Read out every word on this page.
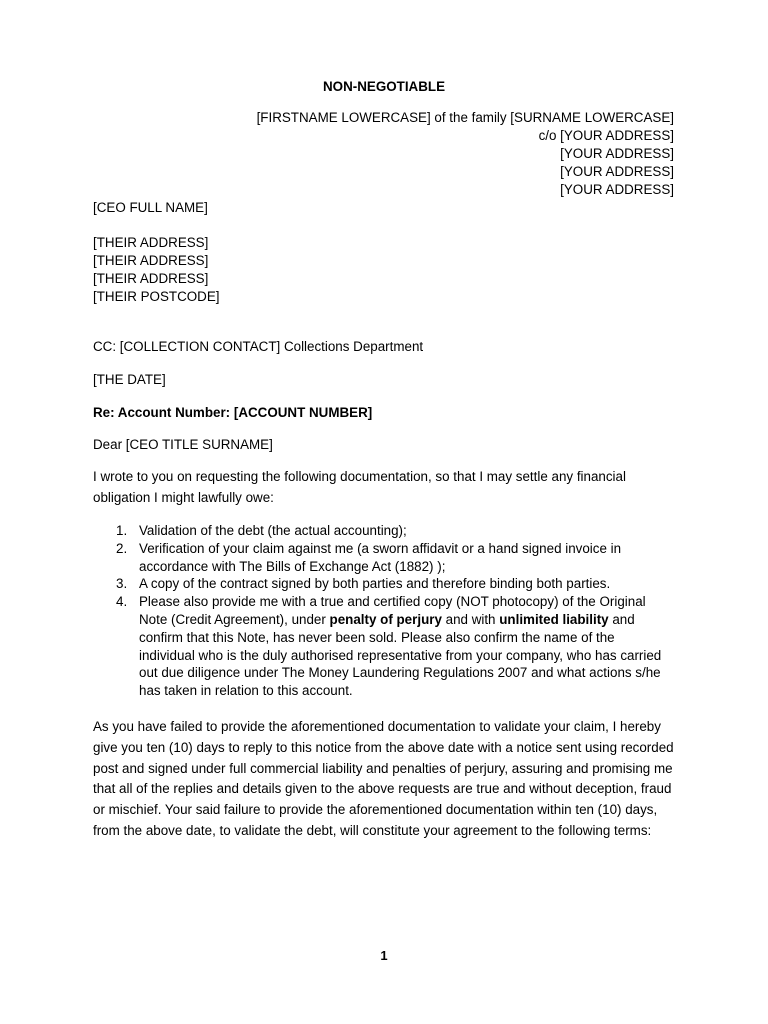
NON-NEGOTIABLE
[FIRSTNAME LOWERCASE] of the family [SURNAME LOWERCASE]
c/o [YOUR ADDRESS]
[YOUR ADDRESS]
[YOUR ADDRESS]
[YOUR ADDRESS]
[CEO FULL NAME]
[THEIR ADDRESS]
[THEIR ADDRESS]
[THEIR ADDRESS]
[THEIR POSTCODE]
CC: [COLLECTION CONTACT] Collections Department
[THE DATE]
Re: Account Number: [ACCOUNT NUMBER]
Dear [CEO TITLE SURNAME]
I wrote to you on requesting the following documentation, so that I may settle any financial obligation I might lawfully owe:
1. Validation of the debt (the actual accounting);
2. Verification of your claim against me (a sworn affidavit or a hand signed invoice in accordance with The Bills of Exchange Act (1882) );
3. A copy of the contract signed by both parties and therefore binding both parties.
4. Please also provide me with a true and certified copy (NOT photocopy) of the Original Note (Credit Agreement), under penalty of perjury and with unlimited liability and confirm that this Note, has never been sold. Please also confirm the name of the individual who is the duly authorised representative from your company, who has carried out due diligence under The Money Laundering Regulations 2007 and what actions s/he has taken in relation to this account.
As you have failed to provide the aforementioned documentation to validate your claim, I hereby give you ten (10) days to reply to this notice from the above date with a notice sent using recorded post and signed under full commercial liability and penalties of perjury, assuring and promising me that all of the replies and details given to the above requests are true and without deception, fraud or mischief. Your said failure to provide the aforementioned documentation within ten (10) days, from the above date, to validate the debt, will constitute your agreement to the following terms:
1
